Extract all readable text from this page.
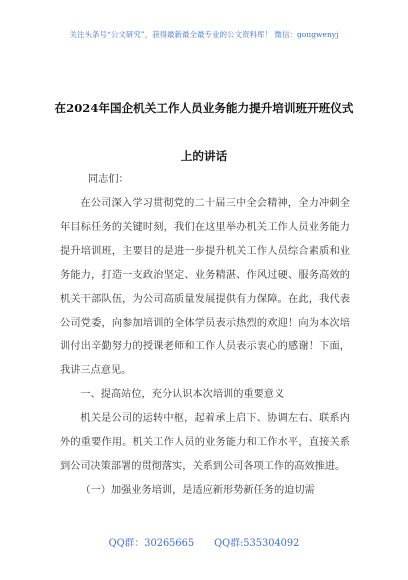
关注头条号“公文研究”，获得最新最全最专业的公文资料库！ 微信：gongwenyj
在2024年国企机关工作人员业务能力提升培训班开班仪式
上的讲话
同志们：

在公司深入学习贯彻党的二十届三中全会精神，全力冲刺全年目标任务的关键时刻，我们在这里举办机关工作人员业务能力提升培训班，主要目的是进一步提升机关工作人员综合素质和业务能力，打造一支政治坚定、业务精湛、作风过硬、服务高效的机关干部队伍，为公司高质量发展提供有力保障。在此，我代表公司党委，向参加培训的全体学员表示热烈的欢迎！向为本次培训付出辛勤努力的授课老师和工作人员表示衷心的感谢！下面，我讲三点意见。

一、提高站位，充分认识本次培训的重要意义

机关是公司的运转中枢，起着承上启下、协调左右、联系内外的重要作用。机关工作人员的业务能力和工作水平，直接关系到公司决策部署的贯彻落实，关系到公司各项工作的高效推进。

（一）加强业务培训，是适应新形势新任务的迫切需

QQ群：30265665 QQ群:535304092
